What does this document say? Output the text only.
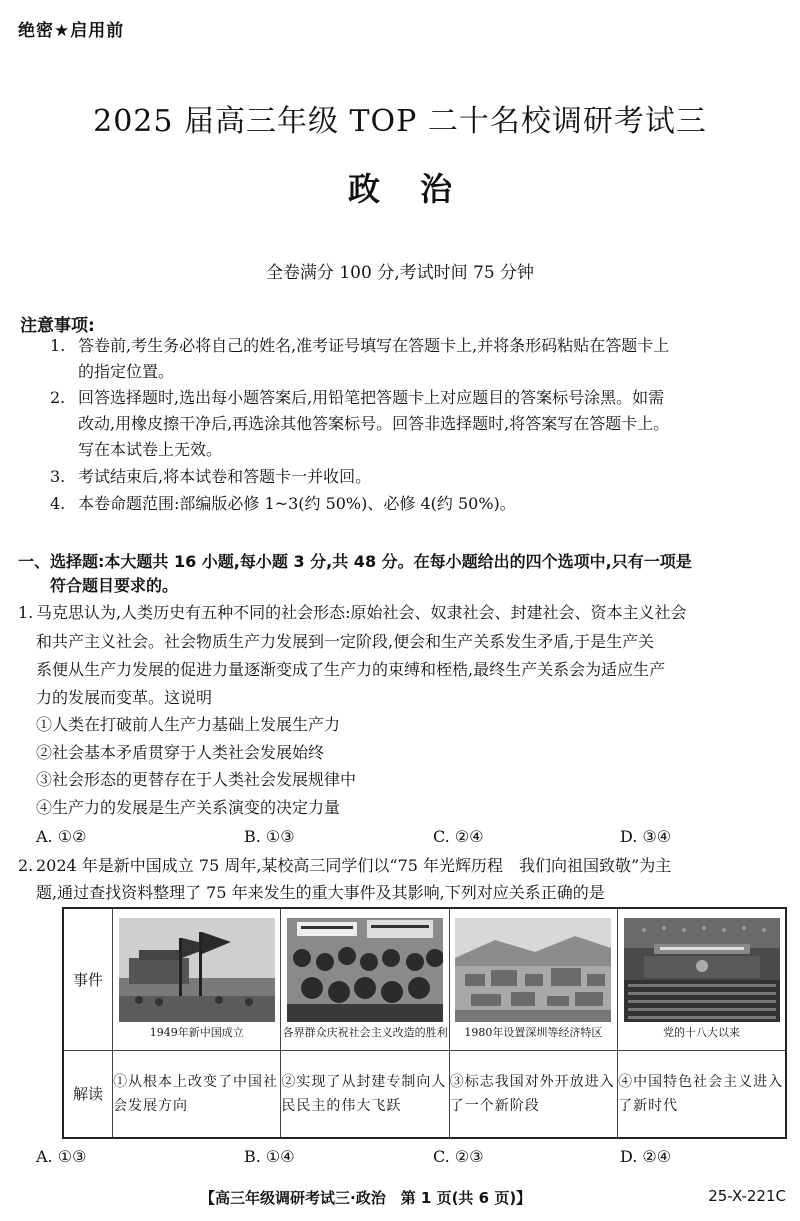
绝密★启用前
2025 届高三年级 TOP 二十名校调研考试三
政治
全卷满分 100 分,考试时间 75 分钟
注意事项:
1. 答卷前,考生务必将自己的姓名,准考证号填写在答题卡上,并将条形码粘贴在答题卡上
的指定位置。
2. 回答选择题时,选出每小题答案后,用铅笔把答题卡上对应题目的答案标号涂黑。如需
改动,用橡皮擦干净后,再选涂其他答案标号。回答非选择题时,将答案写在答题卡上。
写在本试卷上无效。
3. 考试结束后,将本试卷和答题卡一并收回。
4. 本卷命题范围:部编版必修 1~3(约 50%)、必修 4(约 50%)。
一、选择题:本大题共 16 小题,每小题 3 分,共 48 分。在每小题给出的四个选项中,只有一项是
符合题目要求的。
1. 马克思认为,人类历史有五种不同的社会形态:原始社会、奴隶社会、封建社会、资本主义社会
和共产主义社会。社会物质生产力发展到一定阶段,便会和生产关系发生矛盾,于是生产关
系便从生产力发展的促进力量逐渐变成了生产力的束缚和桎梏,最终生产关系会为适应生产
力的发展而变革。这说明
①人类在打破前人生产力基础上发展生产力
②社会基本矛盾贯穿于人类社会发展始终
③社会形态的更替存在于人类社会发展规律中
④生产力的发展是生产关系演变的决定力量
A. ①②	B. ①③	C. ②④	D. ③④
2. 2024 年是新中国成立 75 周年,某校高三同学们以“75 年光辉历程　我们向祖国致敬”为主
题,通过查找资料整理了 75 年来发生的重大事件及其影响,下列对应关系正确的是
事件	1949年新中国成立	各界群众庆祝社会主义改造的胜利	1980年设置深圳等经济特区	党的十八大以来

解读	①从根本上改变了中国社会发展方向	②实现了从封建专制向人民民主的伟大飞跃	③标志我国对外开放进入了一个新阶段	④中国特色社会主义进入了新时代
A. ①③	B. ①④	C. ②③	D. ②④
【高三年级调研考试三·政治　第 1 页(共 6 页)】	25-X-221C
